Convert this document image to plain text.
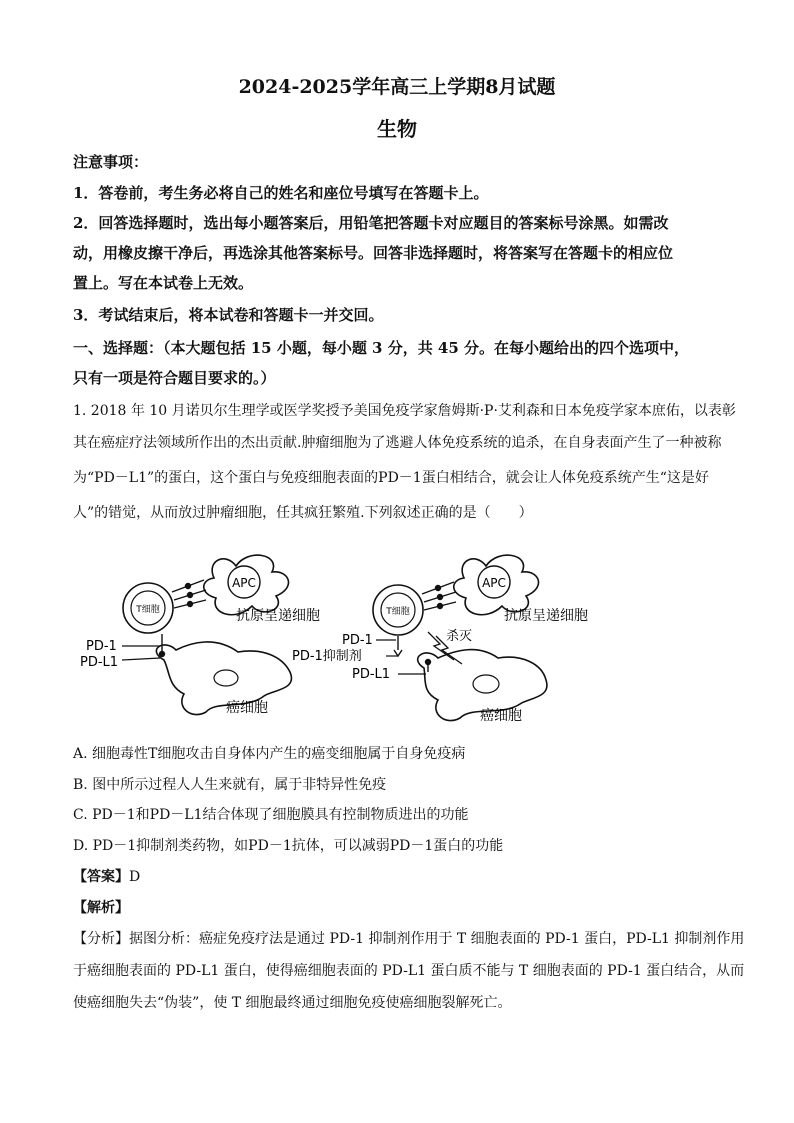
2024-2025学年高三上学期8月试题
生物
注意事项：
1．答卷前，考生务必将自己的姓名和座位号填写在答题卡上。
2．回答选择题时，选出每小题答案后，用铅笔把答题卡对应题目的答案标号涂黑。如需改
动，用橡皮擦干净后，再选涂其他答案标号。回答非选择题时，将答案写在答题卡的相应位
置上。写在本试卷上无效。
3．考试结束后，将本试卷和答题卡一并交回。
一、选择题：（本大题包括 15 小题，每小题 3 分，共 45 分。在每小题给出的四个选项中，
只有一项是符合题目要求的。）
1. 2018 年 10 月诺贝尔生理学或医学奖授予美国免疫学家詹姆斯·P·艾利森和日本免疫学家本庶佑，以表彰
其在癌症疗法领域所作出的杰出贡献.肿瘤细胞为了逃避人体免疫系统的追杀，在自身表面产生了一种被称
为“PD－L1”的蛋白，这个蛋白与免疫细胞表面的PD－1蛋白相结合，就会让人体免疫系统产生“这是好
人”的错觉，从而放过肿瘤细胞，任其疯狂繁殖.下列叙述正确的是（　　）
APC
T细胞	抗原呈递细胞
癌细胞
PD-1
PD-L1
APC
T细胞	抗原呈递细胞
杀灭
癌细胞
PD-1
PD-1抑制剂
PD-L1
A. 细胞毒性T细胞攻击自身体内产生的癌变细胞属于自身免疫病
B. 图中所示过程人人生来就有，属于非特异性免疫
C. PD－1和PD－L1结合体现了细胞膜具有控制物质进出的功能
D. PD－1抑制剂类药物，如PD－1抗体，可以减弱PD－1蛋白的功能
【答案】D
【解析】
【分析】据图分析：癌症免疫疗法是通过 PD-1 抑制剂作用于 T 细胞表面的 PD-1 蛋白，PD-L1 抑制剂作用
于癌细胞表面的 PD-L1 蛋白，使得癌细胞表面的 PD-L1 蛋白质不能与 T 细胞表面的 PD-1 蛋白结合，从而
使癌细胞失去“伪装”，使 T 细胞最终通过细胞免疫使癌细胞裂解死亡。
